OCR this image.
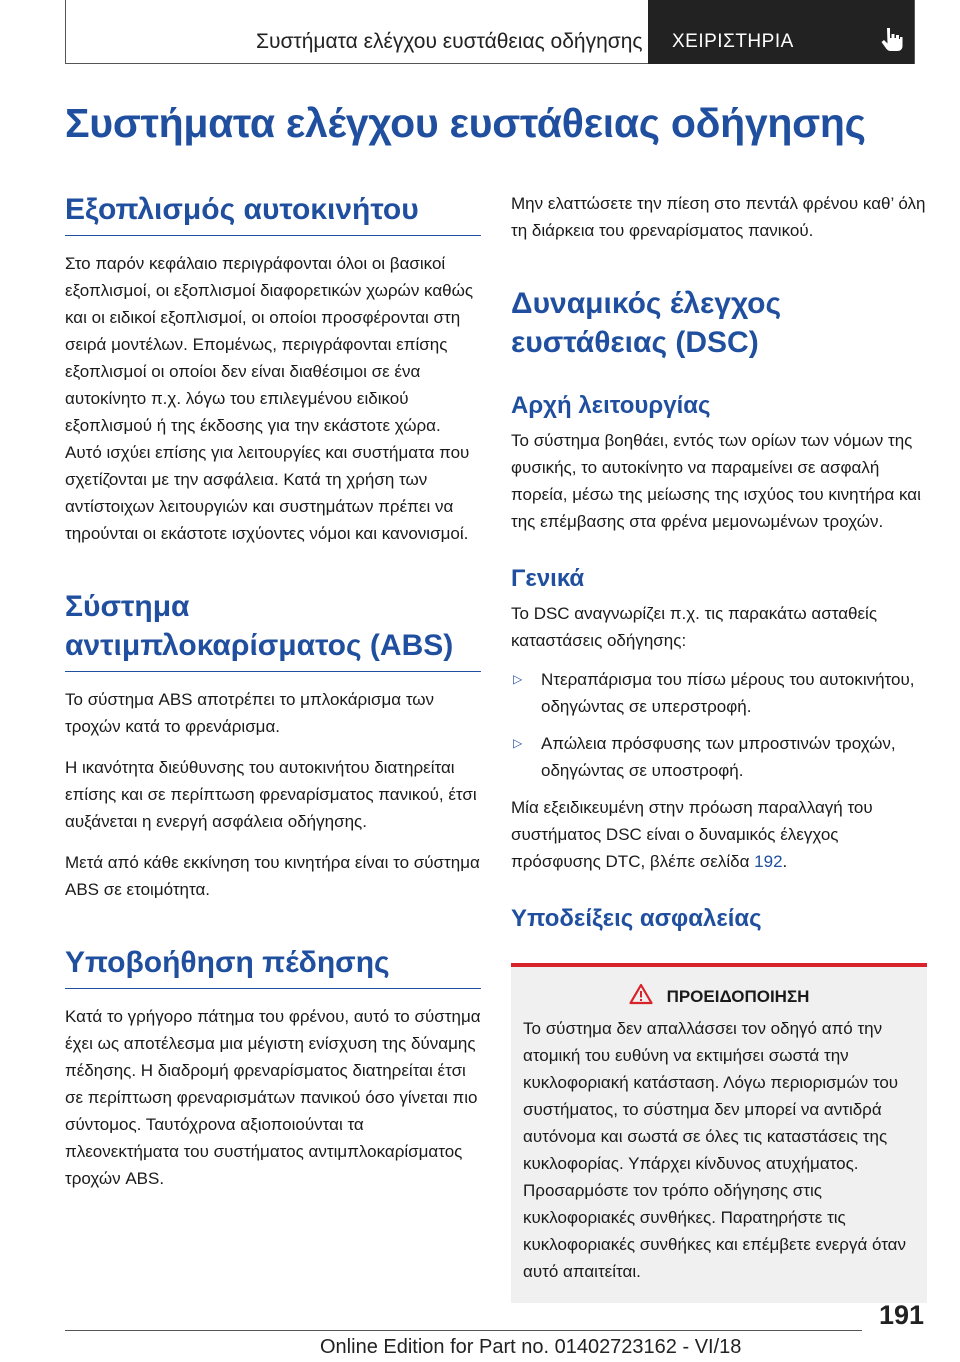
Συστήματα ελέγχου ευστάθειας οδήγησης ΧΕΙΡΙΣΤΗΡΙΑ
Συστήματα ελέγχου ευστάθειας οδήγησης
Εξοπλισμός αυτοκινήτου

Στο παρόν κεφάλαιο περιγράφονται όλοι οι βασικοί εξοπλισμοί, οι εξοπλισμοί διαφορετικών χωρών καθώς και οι ειδικοί εξοπλισμοί, οι οποίοι προσφέρονται στη σειρά μοντέλων. Επομένως, περιγράφονται επίσης εξοπλισμοί οι οποίοι δεν είναι διαθέσιμοι σε ένα αυτοκίνητο π.χ. λόγω του επιλεγμένου ειδικού εξοπλισμού ή της έκδοσης για την εκάστοτε χώρα. Αυτό ισχύει επίσης για λειτουργίες και συστήματα που σχετίζονται με την ασφάλεια. Κατά τη χρήση των αντίστοιχων λειτουργιών και συστημάτων πρέπει να τηρούνται οι εκάστοτε ισχύοντες νόμοι και κανονισμοί.

Σύστημα
αντιμπλοκαρίσματος (ABS)

Το σύστημα ABS αποτρέπει το μπλοκάρισμα των τροχών κατά το φρενάρισμα.

Η ικανότητα διεύθυνσης του αυτοκινήτου διατηρείται επίσης και σε περίπτωση φρεναρίσματος πανικού, έτσι αυξάνεται η ενεργή ασφάλεια οδήγησης.

Μετά από κάθε εκκίνηση του κινητήρα είναι το σύστημα ABS σε ετοιμότητα.

Υποβοήθηση πέδησης

Κατά το γρήγορο πάτημα του φρένου, αυτό το σύστημα έχει ως αποτέλεσμα μια μέγιστη ενίσχυση της δύναμης πέδησης. Η διαδρομή φρεναρίσματος διατηρείται έτσι σε περίπτωση φρεναρισμάτων πανικού όσο γίνεται πιο σύντομος. Ταυτόχρονα αξιοποιούνται τα πλεονεκτήματα του συστήματος αντιμπλοκαρίσματος τροχών ABS.

Μην ελαττώσετε την πίεση στο πεντάλ φρένου καθ’ όλη τη διάρκεια του φρεναρίσματος πανικού.

Δυναμικός έλεγχος
ευστάθειας (DSC)
Αρχή λειτουργίας

Το σύστημα βοηθάει, εντός των ορίων των νόμων της φυσικής, το αυτοκίνητο να παραμείνει σε ασφαλή πορεία, μέσω της μείωσης της ισχύος του κινητήρα και της επέμβασης στα φρένα μεμονωμένων τροχών.

Γενικά

Το DSC αναγνωρίζει π.χ. τις παρακάτω ασταθείς καταστάσεις οδήγησης:

▷ Ντεραπάρισμα του πίσω μέρους του αυτοκινήτου, οδηγώντας σε υπερστροφή.
▷ Απώλεια πρόσφυσης των μπροστινών τροχών, οδηγώντας σε υποστροφή.

Μία εξειδικευμένη στην πρόωση παραλλαγή του συστήματος DSC είναι ο δυναμικός έλεγχος πρόσφυσης DTC, βλέπε σελίδα 192.

Υποδείξεις ασφαλείας
ΠΡΟΕΙΔΟΠΟΙΗΣΗ

Το σύστημα δεν απαλλάσσει τον οδηγό από την ατομική του ευθύνη να εκτιμήσει σωστά την κυκλοφοριακή κατάσταση. Λόγω περιορισμών του συστήματος, το σύστημα δεν μπορεί να αντιδρά αυτόνομα και σωστά σε όλες τις καταστάσεις της κυκλοφορίας. Υπάρχει κίνδυνος ατυχήματος. Προσαρμόστε τον τρόπο οδήγησης στις κυκλοφοριακές συνθήκες. Παρατηρήστε τις κυκλοφοριακές συνθήκες και επέμβετε ενεργά όταν αυτό απαιτείται.

191
Online Edition for Part no. 01402723162 - VI/18
